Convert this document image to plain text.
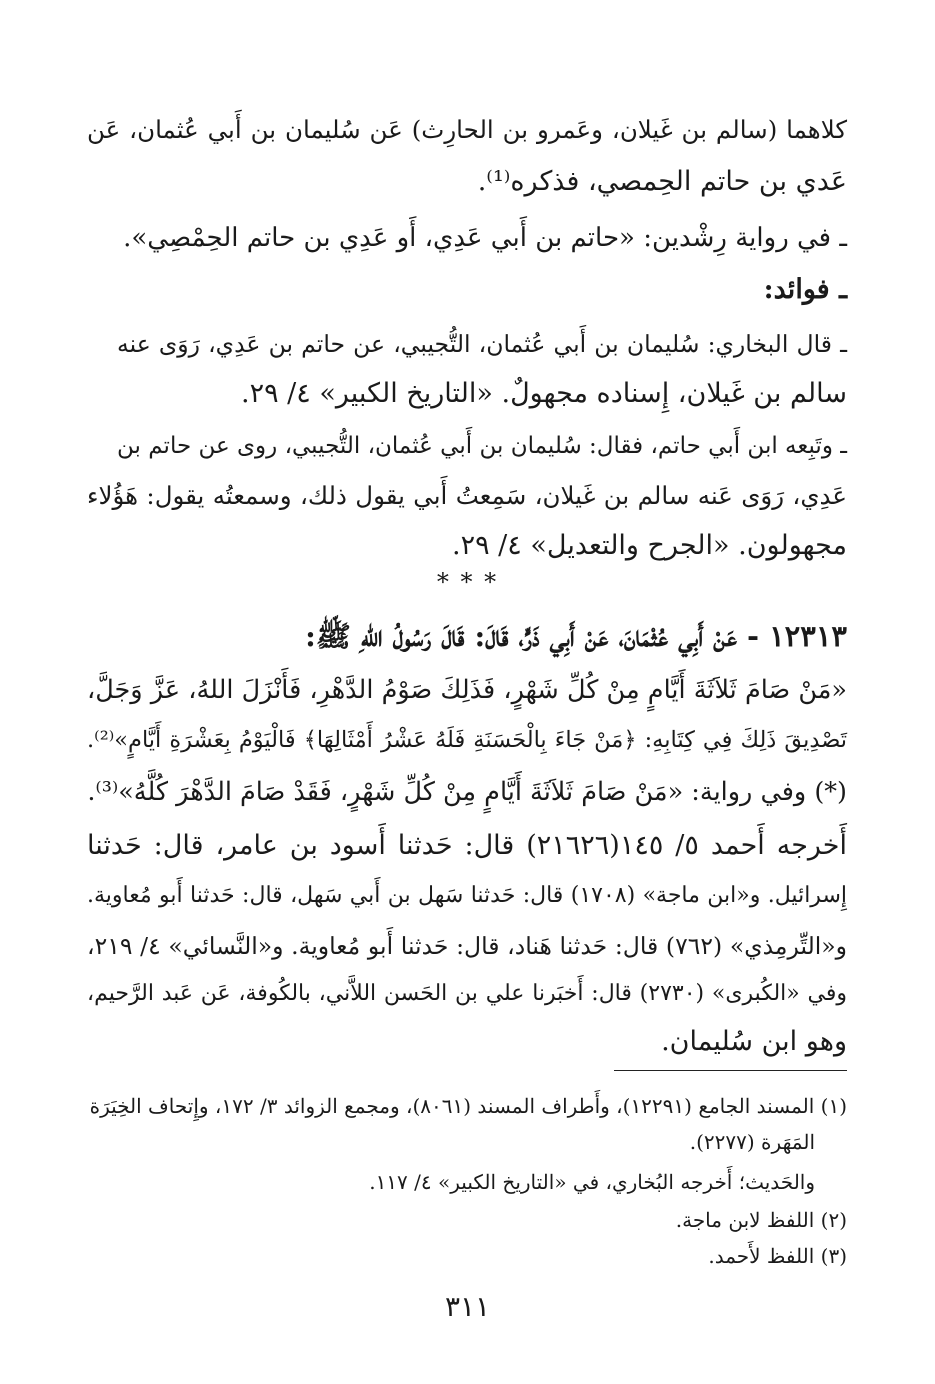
كلاهما (سالم بن غَيلان، وعَمرو بن الحارِث) عَن سُليمان بن أَبي عُثمان، عَن
عَدي بن حاتم الحِمصي، فذكره⁽¹⁾.
ـ في رواية رِشْدين: «حاتم بن أَبي عَدِي، أَو عَدِي بن حاتم الحِمْصِي».
ـ فوائد:
ـ قال البخاري: سُليمان بن أَبي عُثمان، التُّجيبي، عن حاتم بن عَدِي، رَوَى عنه
سالم بن غَيلان، إِسناده مجهولٌ. «التاريخ الكبير» ٤/ ٢٩.
ـ وتَبِعه ابن أَبي حاتم، فقال: سُليمان بن أَبي عُثمان، التُّجيبي، روى عن حاتم بن
عَدِي، رَوَى عَنه سالم بن غَيلان، سَمِعتُ أَبي يقول ذلك، وسمعتُه يقول: هَؤُلاء
مجهولون. «الجرح والتعديل» ٤/ ٢٩.
* * *
١٢٣١٣ - عَنْ أَبِي عُثْمَانَ، عَنْ أَبِي ذَرٍّ، قَالَ: قَالَ رَسُولُ اللهِ ﷺ:
«مَنْ صَامَ ثَلاَثَةَ أَيَّامٍ مِنْ كُلِّ شَهْرٍ، فَذَلِكَ صَوْمُ الدَّهْرِ، فَأَنْزَلَ اللهُ، عَزَّ وَجَلَّ،
تَصْدِيقَ ذَلِكَ فِي كِتَابِهِ: ﴿مَنْ جَاءَ بِالْحَسَنَةِ فَلَهُ عَشْرُ أَمْثَالِهَا﴾ فَالْيَوْمُ بِعَشْرَةِ أَيَّامٍ»⁽²⁾.
(*) وفي رواية: «مَنْ صَامَ ثَلاَثَةَ أَيَّامٍ مِنْ كُلِّ شَهْرٍ، فَقَدْ صَامَ الدَّهْرَ كُلَّهُ»⁽³⁾.
أَخرجه أَحمد ٥/ ١٤٥(٢١٦٢٦) قال: حَدثنا أَسود بن عامر، قال: حَدثنا
إِسرائيل. و«ابن ماجة» (١٧٠٨) قال: حَدثنا سَهل بن أَبي سَهل، قال: حَدثنا أَبو مُعاوية.
و«التِّرمِذي» (٧٦٢) قال: حَدثنا هَناد، قال: حَدثنا أَبو مُعاوية. و«النَّسائي» ٤/ ٢١٩،
وفي «الكُبرى» (٢٧٣٠) قال: أَخبَرنا علي بن الحَسن اللاَّني، بالكُوفة، عَن عَبد الرَّحيم،
وهو ابن سُليمان.
(١) المسند الجامع (١٢٢٩١)، وأَطراف المسند (٨٠٦١)، ومجمع الزوائد ٣/ ١٧٢، وإِتحاف الخِيَرَة
المَهَرة (٢٢٧٧).
والحَديث؛ أَخرجه البُخاري، في «التاريخ الكبير» ٤/ ١١٧.
(٢) اللفظ لابن ماجة.
(٣) اللفظ لأَحمد.
٣١١
